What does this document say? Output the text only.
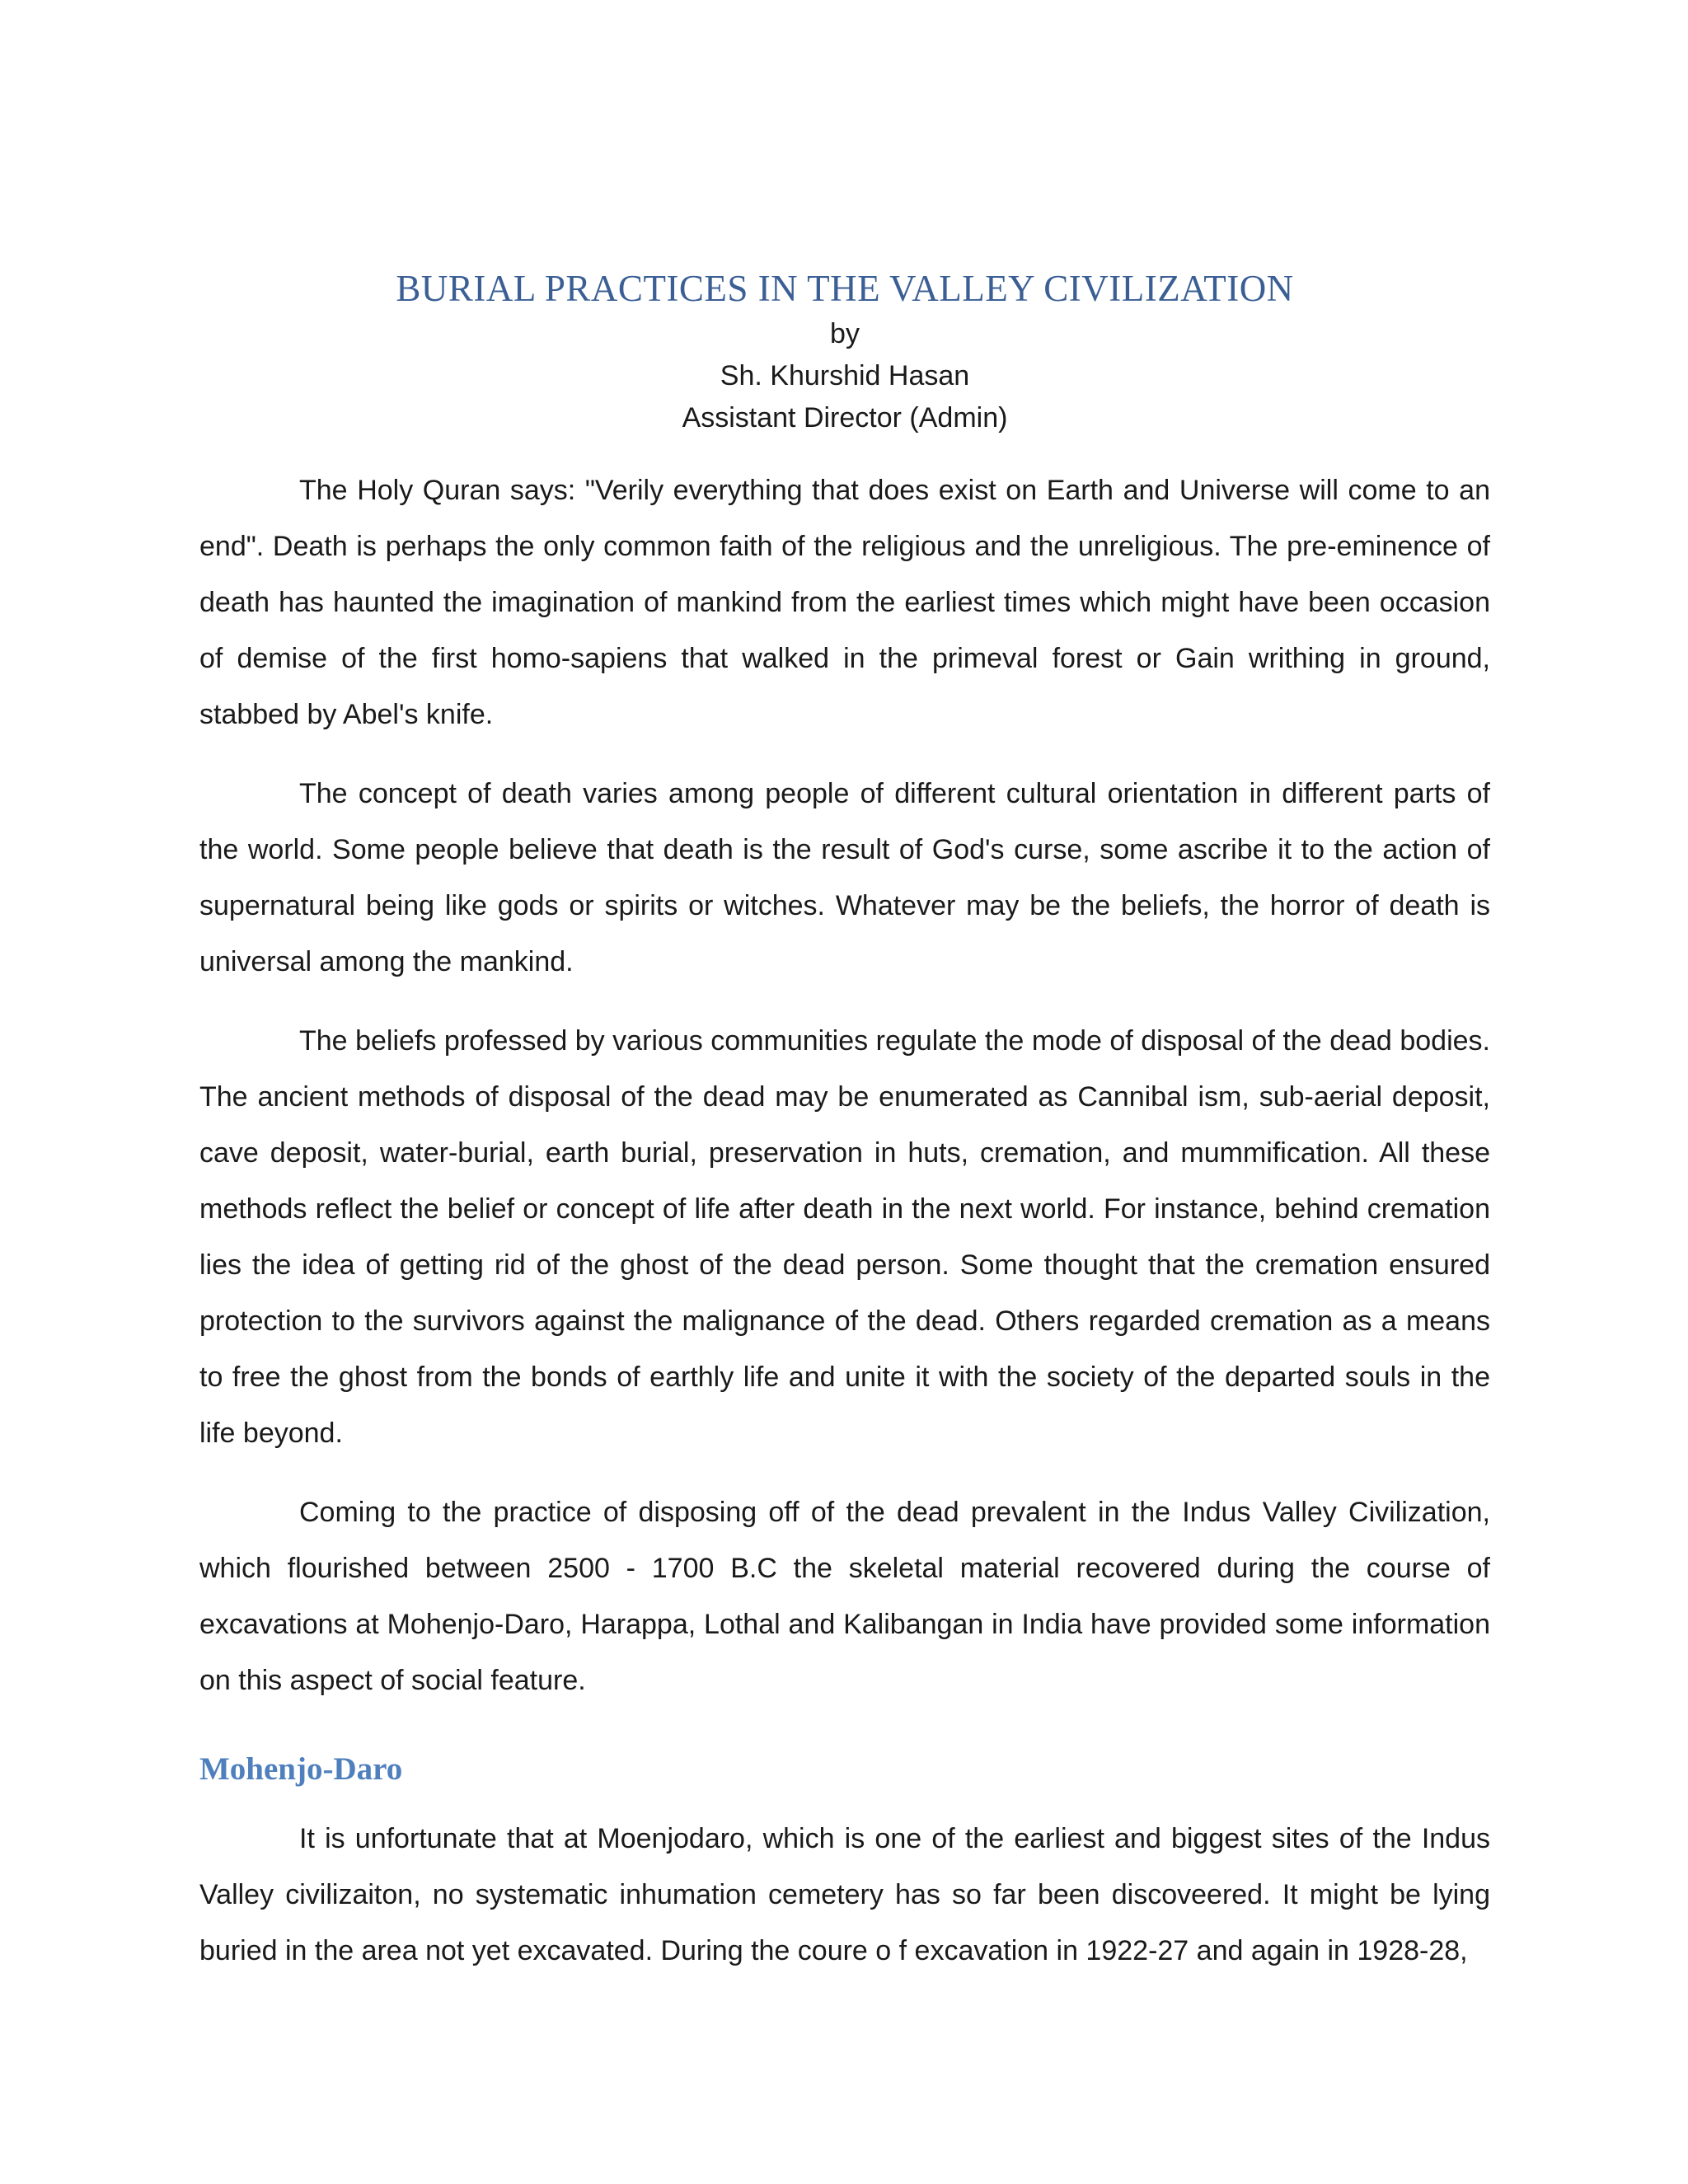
BURIAL PRACTICES IN THE VALLEY CIVILIZATION

by

Sh. Khurshid Hasan

Assistant Director (Admin)

The Holy Quran says: "Verily everything that does exist on Earth and Universe will come to an end". Death is perhaps the only common faith of the religious and the unreligious. The pre-eminence of death has haunted the imagination of mankind from the earliest times which might have been occasion of demise of the first homo-sapiens that walked in the primeval forest or Gain writhing in ground, stabbed by Abel's knife.

The concept of death varies among people of different cultural orientation in different parts of the world. Some people believe that death is the result of God's curse, some ascribe it to the action of supernatural being like gods or spirits or witches. Whatever may be the beliefs, the horror of death is universal among the mankind.

The beliefs professed by various communities regulate the mode of disposal of the dead bodies. The ancient methods of disposal of the dead may be enumerated as Cannibal ism, sub-aerial deposit, cave deposit, water-burial, earth burial, preservation in huts, cremation, and mummification. All these methods reflect the belief or concept of life after death in the next world. For instance, behind cremation lies the idea of getting rid of the ghost of the dead person. Some thought that the cremation ensured protection to the survivors against the malignance of the dead. Others regarded cremation as a means to free the ghost from the bonds of earthly life and unite it with the society of the departed souls in the life beyond.

Coming to the practice of disposing off of the dead prevalent in the Indus Valley Civilization, which flourished between 2500 - 1700 B.C the skeletal material recovered during the course of excavations at Mohenjo-Daro, Harappa, Lothal and Kalibangan in India have provided some information on this aspect of social feature.

Mohenjo-Daro

It is unfortunate that at Moenjodaro, which is one of the earliest and biggest sites of the Indus Valley civilizaiton, no systematic inhumation cemetery has so far been discoveered. It might be lying buried in the area not yet excavated. During the coure o f excavation in 1922-27 and again in 1928-28,
